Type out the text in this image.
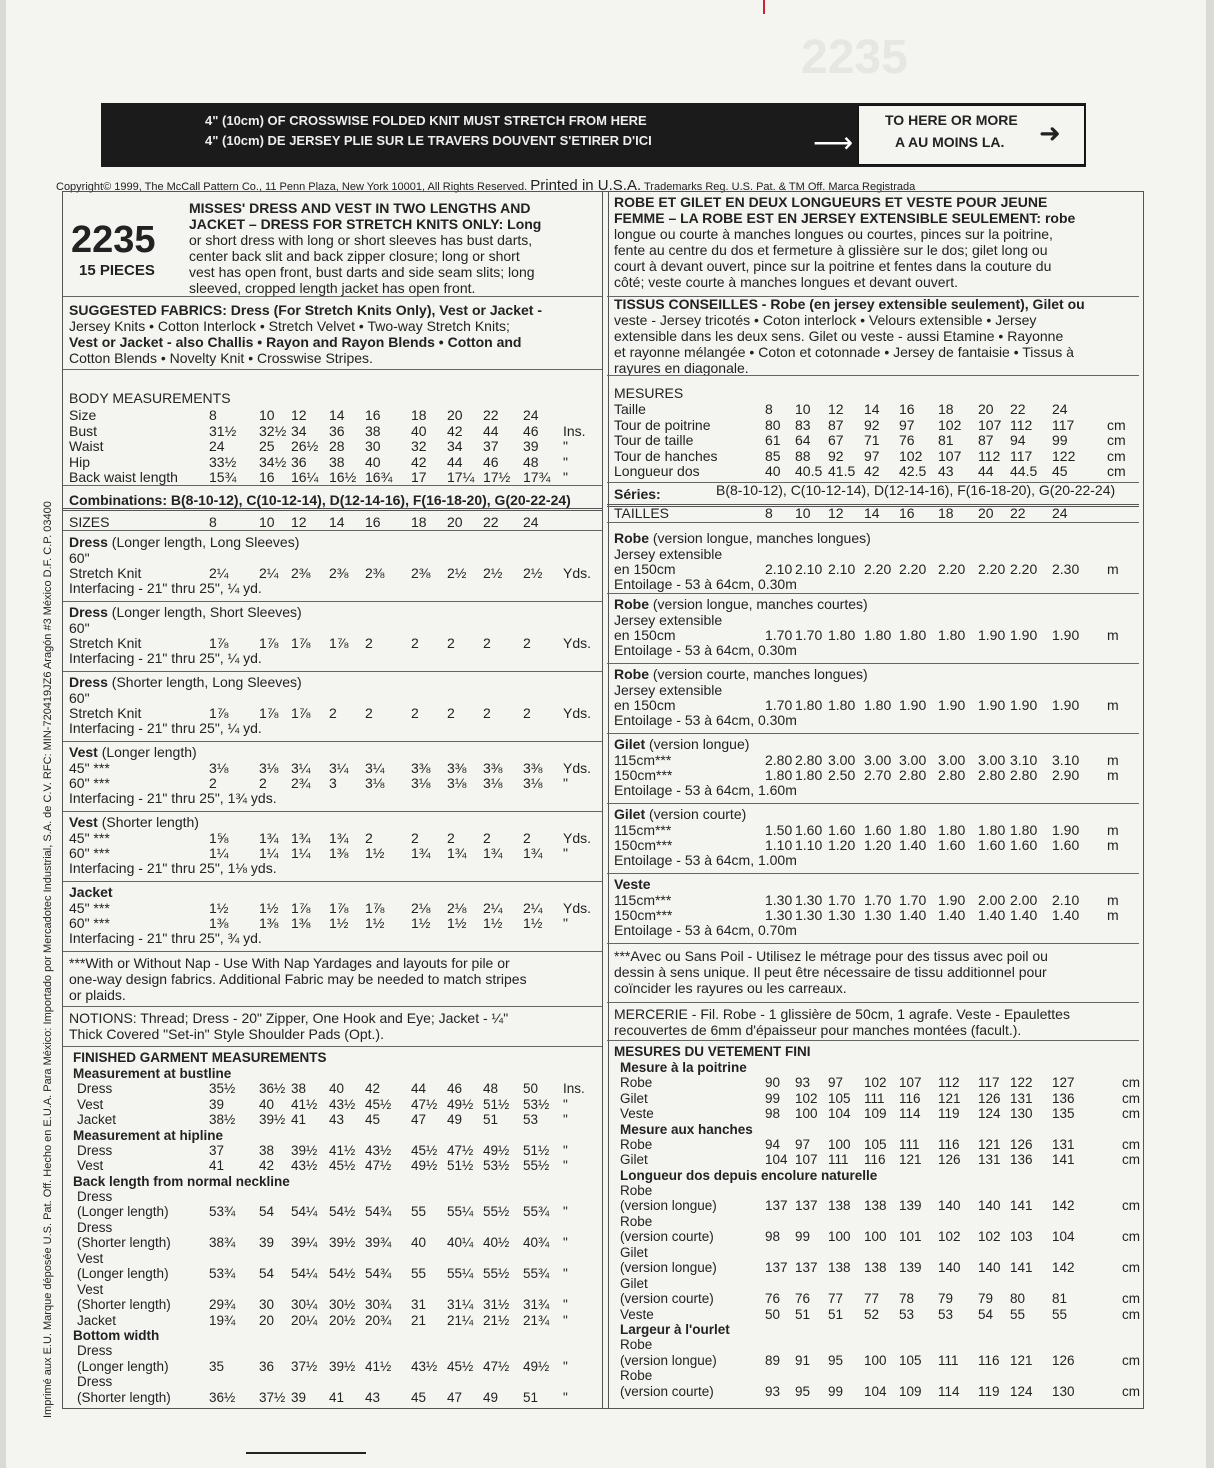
2235
4" (10cm) OF CROSSWISE FOLDED KNIT MUST STRETCH FROM HERE
4" (10cm) DE JERSEY PLIE SUR LE TRAVERS DOUVENT S'ETIRER D'ICI	⟶
TO HERE OR MORE
A AU MOINS LA. ➜
Copyright© 1999, The McCall Pattern Co., 11 Penn Plaza, New York 10001, All Rights Reserved. Printed in U.S.A. Trademarks Reg. U.S. Pat. & TM Off. Marca Registrada
Imprimé aux E.U. Marque déposée U.S. Pat. Off. Hecho en E.U.A. Para México: Importado por Mercadotec Industrial, S.A. de C.V. RFC: MIN-720419JZ6 Aragón #3 México D.F. C.P. 03400
2235
15 PIECES
MISSES' DRESS AND VEST IN TWO LENGTHS AND
JACKET – DRESS FOR STRETCH KNITS ONLY: Long
or short dress with long or short sleeves has bust darts,
center back slit and back zipper closure; long or short
vest has open front, bust darts and side seam slits; long
sleeved, cropped length jacket has open front.
SUGGESTED FABRICS: Dress (For Stretch Knits Only), Vest or Jacket -
Jersey Knits • Cotton Interlock • Stretch Velvet • Two-way Stretch Knits;
Vest or Jacket - also Challis • Rayon and Rayon Blends • Cotton and
Cotton Blends • Novelty Knit • Crosswise Stripes.
BODY MEASUREMENTS
Size	8	10 12 14 16 18 20 22 24
Bust	31½ 32½ 34 36 38 40 42 44 46 Ins.
Waist	24 25 26½ 28 30 32 34 37 39 "
Hip	33½ 34½ 36 38 40 42 44 46 48 "
Back waist length 15¾ 16 16¼ 16½ 16¾ 17 17¼ 17½ 17¾ "
Combinations: B(8-10-12), C(10-12-14), D(12-14-16), F(16-18-20), G(20-22-24)
SIZES	8	10 12 14 16 18 20 22 24
Dress (Longer length, Long Sleeves)
60"
Stretch Knit	2¼ 2¼ 2⅜ 2⅜ 2⅜ 2⅜ 2½ 2½ 2½ Yds.
Interfacing - 21" thru 25", ¼ yd.
Dress (Longer length, Short Sleeves)
60"
Stretch Knit	1⅞ 1⅞ 1⅞ 1⅞ 2	2 2 2 2 Yds.
Interfacing - 21" thru 25", ¼ yd.
Dress (Shorter length, Long Sleeves)
60"
Stretch Knit	1⅞ 1⅞ 1⅞ 2 2	2 2 2 2 Yds.
Interfacing - 21" thru 25", ¼ yd.
Vest (Longer length)
45" ***	3⅛ 3⅛ 3¼ 3¼ 3¼ 3⅜ 3⅜ 3⅜ 3⅜ Yds.
60" ***	2	2 2¾ 3 3⅛ 3⅛ 3⅛ 3⅛ 3⅛ "
Interfacing - 21" thru 25", 1¾ yds.
Vest (Shorter length)
45" ***	1⅝ 1¾ 1¾ 1¾ 2	2 2 2 2 Yds.
60" ***	1¼ 1¼ 1¼ 1⅜ 1½ 1¾ 1¾ 1¾ 1¾ "
Interfacing - 21" thru 25", 1⅛ yds.
Jacket
45" ***	1½ 1½ 1⅞ 1⅞ 1⅞ 2⅛ 2⅛ 2¼ 2¼ Yds.
60" ***	1⅜ 1⅜ 1⅜ 1½ 1½ 1½ 1½ 1½ 1½ "
Interfacing - 21" thru 25", ¾ yd.
***With or Without Nap - Use With Nap Yardages and layouts for pile or
one-way design fabrics. Additional Fabric may be needed to match stripes
or plaids.
NOTIONS: Thread; Dress - 20" Zipper, One Hook and Eye; Jacket - ¼"
Thick Covered "Set-in" Style Shoulder Pads (Opt.).
FINISHED GARMENT MEASUREMENTS
Measurement at bustline
Dress	35½ 36½ 38 40 42 44 46 48 50 Ins.
Vest	39	40 41½ 43½ 45½ 47½ 49½ 51½ 53½ "
Jacket	38½ 39½ 41 43 45 47 49 51 53 "
Measurement at hipline
Dress	37	38 39½ 41½ 43½ 45½ 47½ 49½ 51½ "
Vest	41	42 43½ 45½ 47½ 49½ 51½ 53½ 55½ "
Back length from normal neckline
Dress
(Longer length)	53¾ 54 54¼ 54½ 54¾ 55 55¼ 55½ 55¾ "
Dress
(Shorter length)	38¾ 39 39¼ 39½ 39¾ 40 40¼ 40½ 40¾ "
Vest
(Longer length)	53¾ 54 54¼ 54½ 54¾ 55 55¼ 55½ 55¾ "
Vest
(Shorter length)	29¾ 30 30¼ 30½ 30¾ 31 31¼ 31½ 31¾ "
Jacket	19¾ 20 20¼ 20½ 20¾ 21 21¼ 21½ 21¾ "
Bottom width
Dress
(Longer length)	35	36 37½ 39½ 41½ 43½ 45½ 47½ 49½ "
Dress
(Shorter length)	36½ 37½ 39 41 43 45 47 49 51 "
ROBE ET GILET EN DEUX LONGUEURS ET VESTE POUR JEUNE
FEMME – LA ROBE EST EN JERSEY EXTENSIBLE SEULEMENT: robe
longue ou courte à manches longues ou courtes, pinces sur la poitrine,
fente au centre du dos et fermeture à glissière sur le dos; gilet long ou
court à devant ouvert, pince sur la poitrine et fentes dans la couture du
côté; veste courte à manches longues et devant ouvert.
TISSUS CONSEILLES - Robe (en jersey extensible seulement), Gilet ou
veste - Jersey tricotés • Coton interlock • Velours extensible • Jersey
extensible dans les deux sens. Gilet ou veste - aussi Etamine • Rayonne
et rayonne mélangée • Coton et cotonnade • Jersey de fantaisie • Tissus à
rayures en diagonale.
MESURES
Taille	8 10 12 14 16 18 20 22 24
Tour de poitrine	80 83 87 92 97 102 107 112 117 cm
Tour de taille	61 64 67 71 76 81 87 94 99	cm
Tour de hanches	85 88 92 97 102 107 112 117 122 cm
Longueur dos	40 40.5 41.5 42 42.5 43 44 44.5 45	cm
Séries:	B(8-10-12), C(10-12-14), D(12-14-16), F(16-18-20), G(20-22-24)
TAILLES	8 10 12 14 16 18 20 22 24
Robe (version longue, manches longues)
Jersey extensible
en 150cm	2.10 2.10 2.10 2.20 2.20 2.20 2.20 2.20 2.30 m
Entoilage - 53 à 64cm, 0.30m
Robe (version longue, manches courtes)
Jersey extensible
en 150cm	1.70 1.70 1.80 1.80 1.80 1.80 1.90 1.90 1.90 m
Entoilage - 53 à 64cm, 0.30m
Robe (version courte, manches longues)
Jersey extensible
en 150cm	1.70 1.80 1.80 1.80 1.90 1.90 1.90 1.90 1.90 m
Entoilage - 53 à 64cm, 0.30m
Gilet (version longue)
115cm***	2.80 2.80 3.00 3.00 3.00 3.00 3.00 3.10 3.10 m
150cm***	1.80 1.80 2.50 2.70 2.80 2.80 2.80 2.80 2.90 m
Entoilage - 53 à 64cm, 1.60m
Gilet (version courte)
115cm***	1.50 1.60 1.60 1.60 1.80 1.80 1.80 1.80 1.90 m
150cm***	1.10 1.10 1.20 1.20 1.40 1.60 1.60 1.60 1.60 m
Entoilage - 53 à 64cm, 1.00m
Veste
115cm***	1.30 1.30 1.70 1.70 1.70 1.90 2.00 2.00 2.10 m
150cm***	1.30 1.30 1.30 1.30 1.40 1.40 1.40 1.40 1.40 m
Entoilage - 53 à 64cm, 0.70m
***Avec ou Sans Poil - Utilisez le métrage pour des tissus avec poil ou
dessin à sens unique. Il peut être nécessaire de tissu additionnel pour
coïncider les rayures ou les carreaux.
MERCERIE - Fil. Robe - 1 glissière de 50cm, 1 agrafe. Veste - Epaulettes
recouvertes de 6mm d'épaisseur pour manches montées (facult.).
MESURES DU VETEMENT FINI
Mesure à la poitrine
Robe	90 93 97 102 107 112 117 122 127	cm
Gilet	99 102 105 111 116 121 126 131 136	cm
Veste	98 100 104 109 114 119 124 130 135	cm
Mesure aux hanches
Robe	94 97 100 105 111 116 121 126 131	cm
Gilet	104 107 111 116 121 126 131 136 141	cm
Longueur dos depuis encolure naturelle
Robe
(version longue)	137 137 138 138 139 140 140 141 142	cm
Robe
(version courte)	98 99 100 100 101 102 102 103 104	cm
Gilet
(version longue)	137 137 138 138 139 140 140 141 142	cm
Gilet
(version courte)	76 76 77 77 78 79 79 80 81	cm
Veste	50 51 51 52 53 53 54 55 55	cm
Largeur à l'ourlet
Robe
(version longue)	89 91 95 100 105 111 116 121 126	cm
Robe
(version courte)	93 95 99 104 109 114 119 124 130	cm
